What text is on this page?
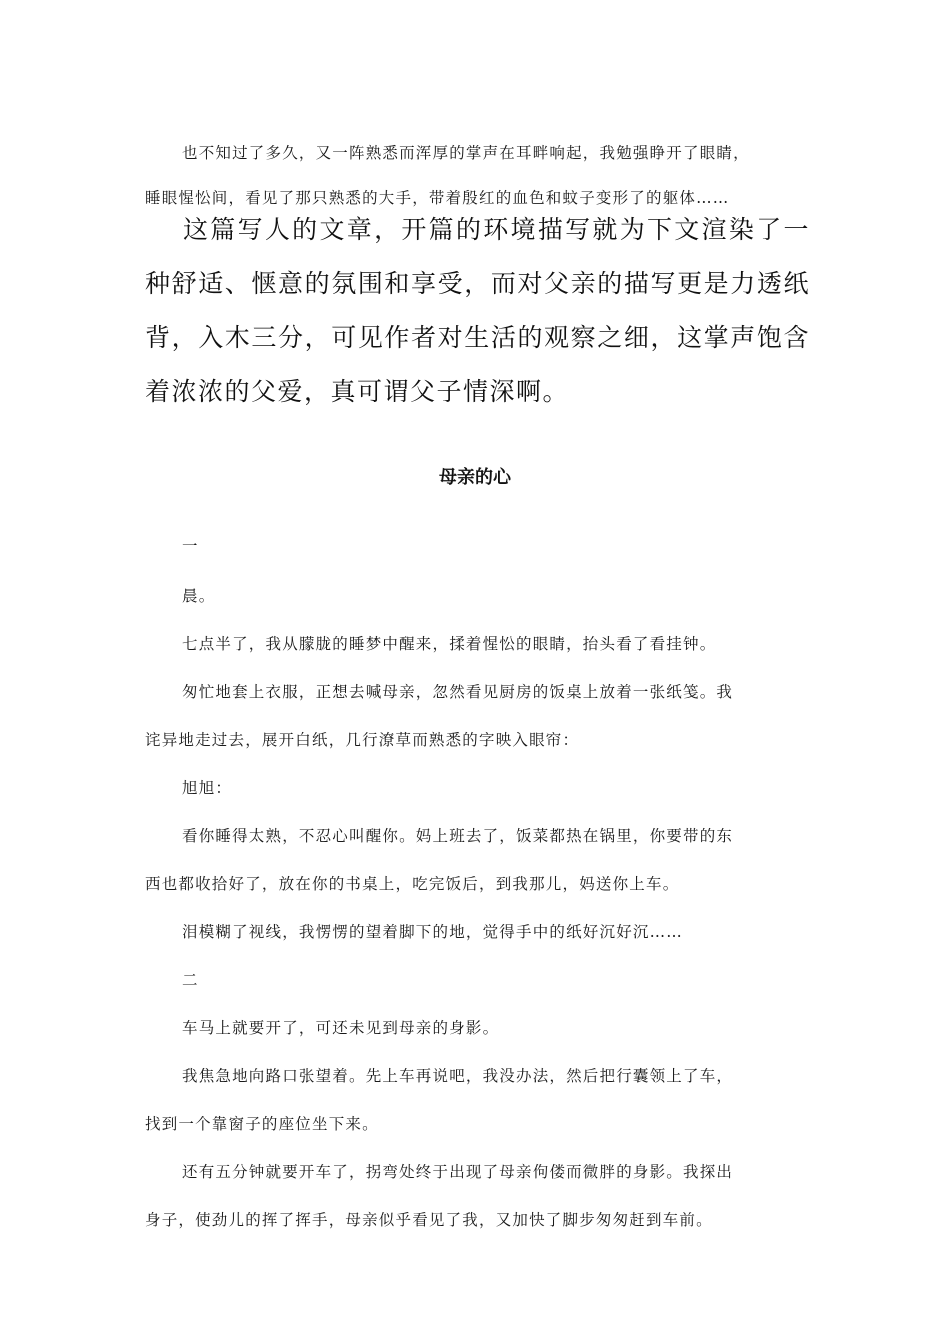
也不知过了多久，又一阵熟悉而浑厚的掌声在耳畔响起，我勉强睁开了眼睛，
睡眼惺忪间，看见了那只熟悉的大手，带着殷红的血色和蚊子变形了的躯体……
这篇写人的文章，开篇的环境描写就为下文渲染了一种舒适、惬意的氛围和享受，而对父亲的描写更是力透纸背，入木三分，可见作者对生活的观察之细，这掌声饱含着浓浓的父爱，真可谓父子情深啊。
母亲的心
一
晨。
七点半了，我从朦胧的睡梦中醒来，揉着惺忪的眼睛，抬头看了看挂钟。
匆忙地套上衣服，正想去喊母亲，忽然看见厨房的饭桌上放着一张纸笺。我
诧异地走过去，展开白纸，几行潦草而熟悉的字映入眼帘：
旭旭：
看你睡得太熟，不忍心叫醒你。妈上班去了，饭菜都热在锅里，你要带的东
西也都收拾好了，放在你的书桌上，吃完饭后，到我那儿，妈送你上车。
泪模糊了视线，我愣愣的望着脚下的地，觉得手中的纸好沉好沉……
二
车马上就要开了，可还未见到母亲的身影。
我焦急地向路口张望着。先上车再说吧，我没办法，然后把行囊领上了车，
找到一个靠窗子的座位坐下来。
还有五分钟就要开车了，拐弯处终于出现了母亲佝偻而微胖的身影。我探出
身子，使劲儿的挥了挥手，母亲似乎看见了我，又加快了脚步匆匆赶到车前。
